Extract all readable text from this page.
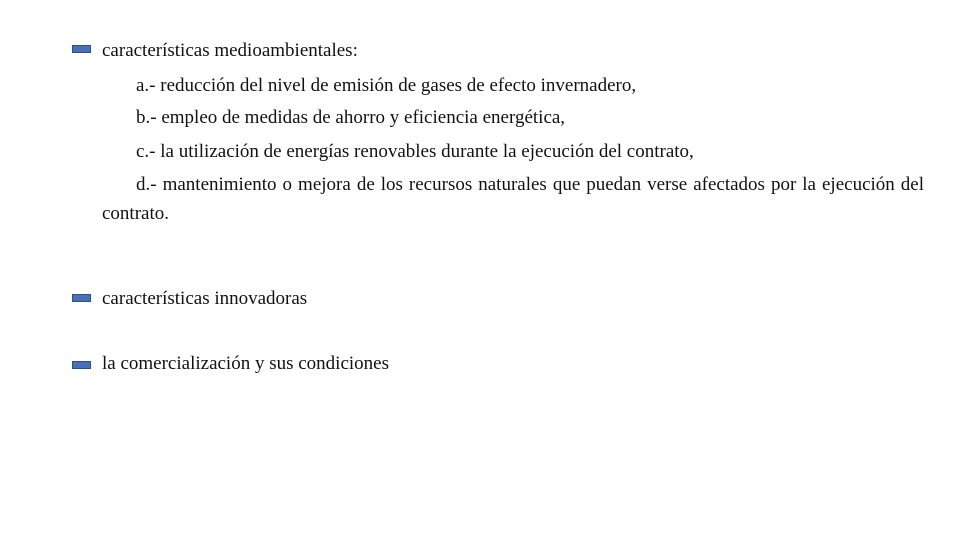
características medioambientales:
a.- reducción del nivel de emisión de gases de efecto invernadero,
b.- empleo de medidas de ahorro y eficiencia energética,
c.- la utilización de energías renovables durante la ejecución del contrato,
d.- mantenimiento o mejora de los recursos naturales que puedan verse afectados por la ejecución del contrato.
características innovadoras
la comercialización y sus condiciones
